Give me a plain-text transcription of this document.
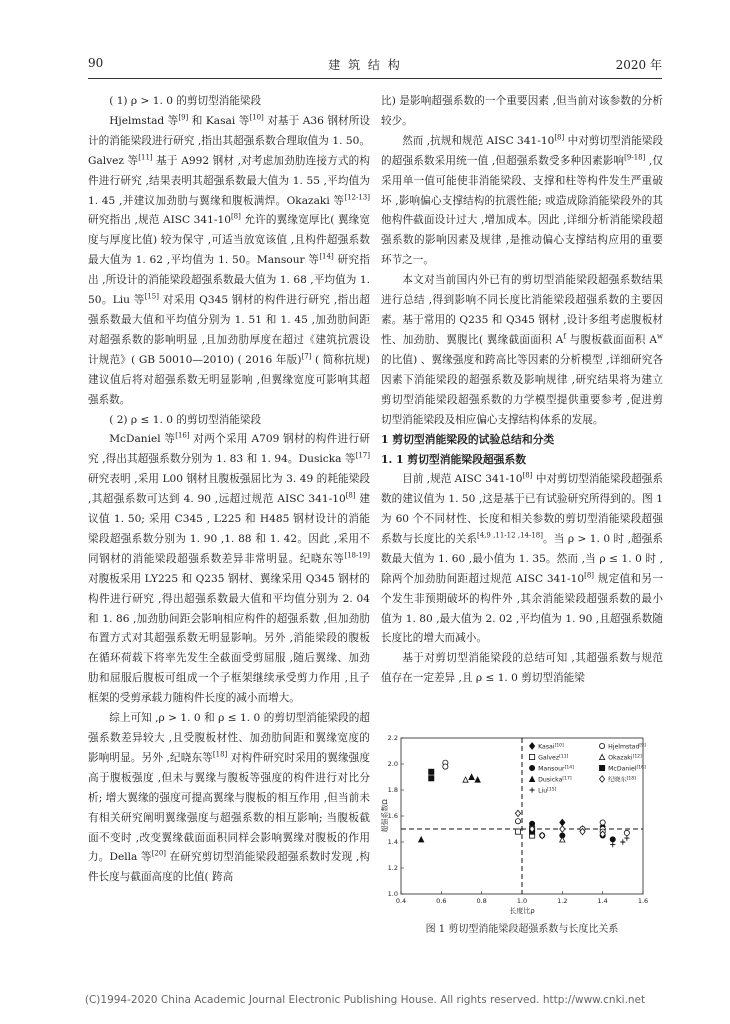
90	建 筑 结 构	2020 年
( 1) ρ > 1. 0 的剪切型消能梁段

Hjelmstad 等[9] 和 Kasai 等[10] 对基于 A36 钢材所设计的消能梁段进行研究 ,指出其超强系数合理取值为 1. 50。Galvez 等[11] 基于 A992 钢材 ,对考虑加劲肋连接方式的构件进行研究 ,结果表明其超强系数最大值为 1. 55 ,平均值为 1. 45 ,并建议加劲肋与翼缘和腹板满焊。Okazaki 等[12-13] 研究指出 ,规范 AISC 341-10[8] 允许的翼缘宽厚比( 翼缘宽度与厚度比值) 较为保守 ,可适当放宽该值 ,且构件超强系数最大值为 1. 62 ,平均值为 1. 50。Mansour 等[14] 研究指出 ,所设计的消能梁段超强系数最大值为 1. 68 ,平均值为 1. 50。Liu 等[15] 对采用 Q345 钢材的构件进行研究 ,指出超强系数最大值和平均值分别为 1. 51 和 1. 45 ,加劲肋间距对超强系数的影响明显 ,且加劲肋厚度在超过《建筑抗震设计规范》( GB 50010—2010) ( 2016 年版)[7] ( 简称抗规) 建议值后将对超强系数无明显影响 ,但翼缘宽度可影响其超强系数。

( 2) ρ ≤ 1. 0 的剪切型消能梁段

McDaniel 等[16] 对两个采用 A709 钢材的构件进行研究 ,得出其超强系数分别为 1. 83 和 1. 94。Dusicka 等[17] 研究表明 ,采用 L00 钢材且腹板强屈比为 3. 49 的耗能梁段 ,其超强系数可达到 4. 90 ,远超过规范 AISC 341-10[8] 建议值 1. 50; 采用 C345 , L225 和 H485 钢材设计的消能梁段超强系数分别为 1. 90 ,1. 88 和 1. 42。因此 ,采用不同钢材的消能梁段超强系数差异非常明显。纪晓东等[18-19] 对腹板采用 LY225 和 Q235 钢材、翼缘采用 Q345 钢材的构件进行研究 ,得出超强系数最大值和平均值分别为 2. 04 和 1. 86 ,加劲肋间距会影响相应构件的超强系数 ,但加劲肋布置方式对其超强系数无明显影响。另外 ,消能梁段的腹板在循环荷载下将率先发生全截面受剪屈服 ,随后翼缘、加劲肋和屈服后腹板可组成一个子框架继续承受剪力作用 ,且子框架的受剪承载力随构件长度的减小而增大。

综上可知 ,ρ > 1. 0 和 ρ ≤ 1. 0 的剪切型消能梁段的超强系数差异较大 ,且受腹板材性、加劲肋间距和翼缘宽度的影响明显。另外 ,纪晓东等[18] 对构件研究时采用的翼缘强度高于腹板强度 ,但未与翼缘与腹板等强度的构件进行对比分析; 增大翼缘的强度可提高翼缘与腹板的相互作用 ,但当前未有相关研究阐明翼缘强度与超强系数的相互影响; 当腹板截面不变时 ,改变翼缘截面面积同样会影响翼缘对腹板的作用力。Della 等[20] 在研究剪切型消能梁段超强系数时发现 ,构件长度与截面高度的比值( 跨高

比) 是影响超强系数的一个重要因素 ,但当前对该参数的分析较少。

然而 ,抗规和规范 AISC 341-10[8] 中对剪切型消能梁段的超强系数采用统一值 ,但超强系数受多种因素影响[9-18] ,仅采用单一值可能使非消能梁段、支撑和柱等构件发生严重破坏 ,影响偏心支撑结构的抗震性能; 或造成除消能梁段外的其他构件截面设计过大 ,增加成本。因此 ,详细分析消能梁段超强系数的影响因素及规律 ,是推动偏心支撑结构应用的重要环节之一。

本文对当前国内外已有的剪切型消能梁段超强系数结果进行总结 ,得到影响不同长度比消能梁段超强系数的主要因素。基于常用的 Q235 和 Q345 钢材 ,设计多组考虑腹板材性、加劲肋、翼腹比( 翼缘截面面积 $A^f$ 与腹板截面面积 $A^w$ 的比值) 、翼缘强度和跨高比等因素的分析模型 ,详细研究各因素下消能梁段的超强系数及影响规律 ,研究结果将为建立剪切型消能梁段超强系数的力学模型提供重要参考 ,促进剪切型消能梁段及相应偏心支撑结构体系的发展。

1 剪切型消能梁段的试验总结和分类
1. 1 剪切型消能梁段超强系数

目前 ,规范 AISC 341-10[8] 中对剪切型消能梁段超强系数的建议值为 1. 50 ,这是基于已有试验研究所得到的。图 1 为 60 个不同材性、长度和相关参数的剪切型消能梁段超强系数与长度比的关系[4,9 ,11-12 ,14-18]。当 ρ > 1. 0 时 ,超强系数最大值为 1. 60 ,最小值为 1. 35。然而 ,当 ρ ≤ 1. 0 时 ,除两个加劲肋间距超过规范 AISC 341-10[8] 规定值和另一个发生非预期破坏的构件外 ,其余消能梁段超强系数的最小值为 1. 80 ,最大值为 2. 02 ,平均值为 1. 90 ,且超强系数随长度比的增大而减小。

基于对剪切型消能梁段的总结可知 ,其超强系数与规范值存在一定差异 ,且 ρ ≤ 1. 0 剪切型消能梁

0.4	0.6	0.8	1.0	1.2	1.4	1.6
1.0
1.2
1.4
1.6
1.8
2.0
2.2
长度比ρ
超强系数Ω
Kasai[10]	Hjelmstad[9]
Galvez[11]	Okazaki[12]
Mansour[14]	McDaniel[16]
Dusicka[17]	纪晓东[18]
Liu[15]
图 1 剪切型消能梁段超强系数与长度比关系
(C)1994-2020 China Academic Journal Electronic Publishing House. All rights reserved. http://www.cnki.net
